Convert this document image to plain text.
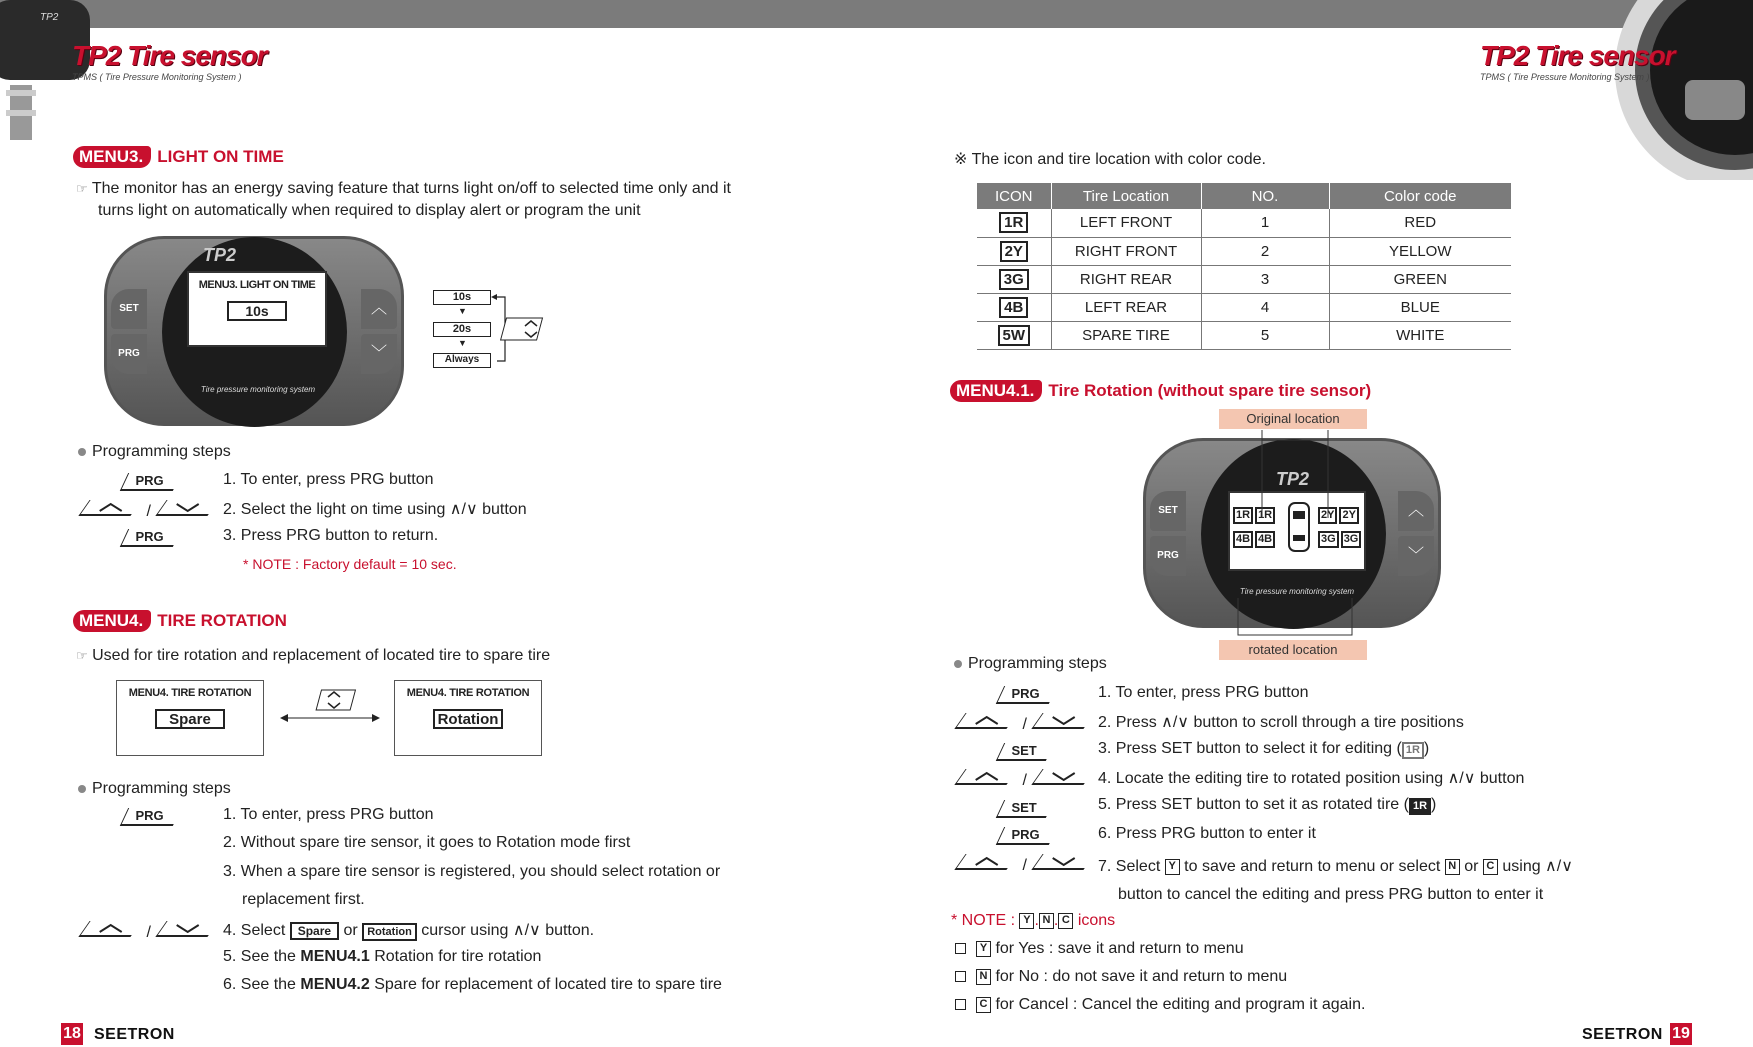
TP2
TP2 Tire sensor
TPMS ( Tire Pressure Monitoring System )
TP2 Tire sensor
TPMS ( Tire Pressure Monitoring System )
MENU3. LIGHT ON TIME
☞ The monitor has an energy saving feature that turns light on/off to selected time only and it
turns light on automatically when required to display alert or program the unit
SET
PRG
︿
﹀
TP2
MENU3. LIGHT ON TIME
10s
Tire pressure monitoring system
10s
▼
20s
▼
Always
Programming steps
PRG	1. To enter, press PRG button
/	2. Select the light on time using ∧/∨ button
PRG	3. Press PRG button to return.
* NOTE : Factory default = 10 sec.
MENU4. TIRE ROTATION
☞ Used for tire rotation and replacement of located tire to spare tire
MENU4. TIRE ROTATION
Spare
MENU4. TIRE ROTATION
Rotation
Programming steps
PRG	1. To enter, press PRG button
2. Without spare tire sensor, it goes to Rotation mode first
3. When a spare tire sensor is registered, you should select rotation or
replacement first.
/	4. Select Spare or Rotation cursor using ∧/∨ button.
5. See the MENU4.1 Rotation for tire rotation
6. See the MENU4.2 Spare for replacement of located tire to spare tire
18 SEETRON
※ The icon and tire location with color code.
ICON	Tire Location	NO.	Color code
1R	LEFT FRONT	1	RED
2Y	RIGHT FRONT	2	YELLOW
3G	RIGHT REAR	3	GREEN
4B	LEFT REAR	4	BLUE
5W	SPARE TIRE	5	WHITE
MENU4.1. Tire Rotation (without spare tire sensor)
Original location
SET
PRG
︿
﹀
TP2
1R 1R	2Y 2Y
4B 4B	3G 3G
Tire pressure monitoring system
rotated location
Programming steps
PRG	1. To enter, press PRG button
/	2. Press ∧/∨ button to scroll through a tire positions
SET	3. Press SET button to select it for editing ( 1R )
/	4. Locate the editing tire to rotated position using ∧/∨ button
SET	5. Press SET button to set it as rotated tire ( 1R )
PRG	6. Press PRG button to enter it
/	7. Select Y to save and return to menu or select N or C using ∧/∨
button to cancel the editing and press PRG button to enter it
* NOTE : Y . N . C icons
Y for Yes : save it and return to menu
N for No : do not save it and return to menu
C for Cancel : Cancel the editing and program it again.
SEETRON 19
